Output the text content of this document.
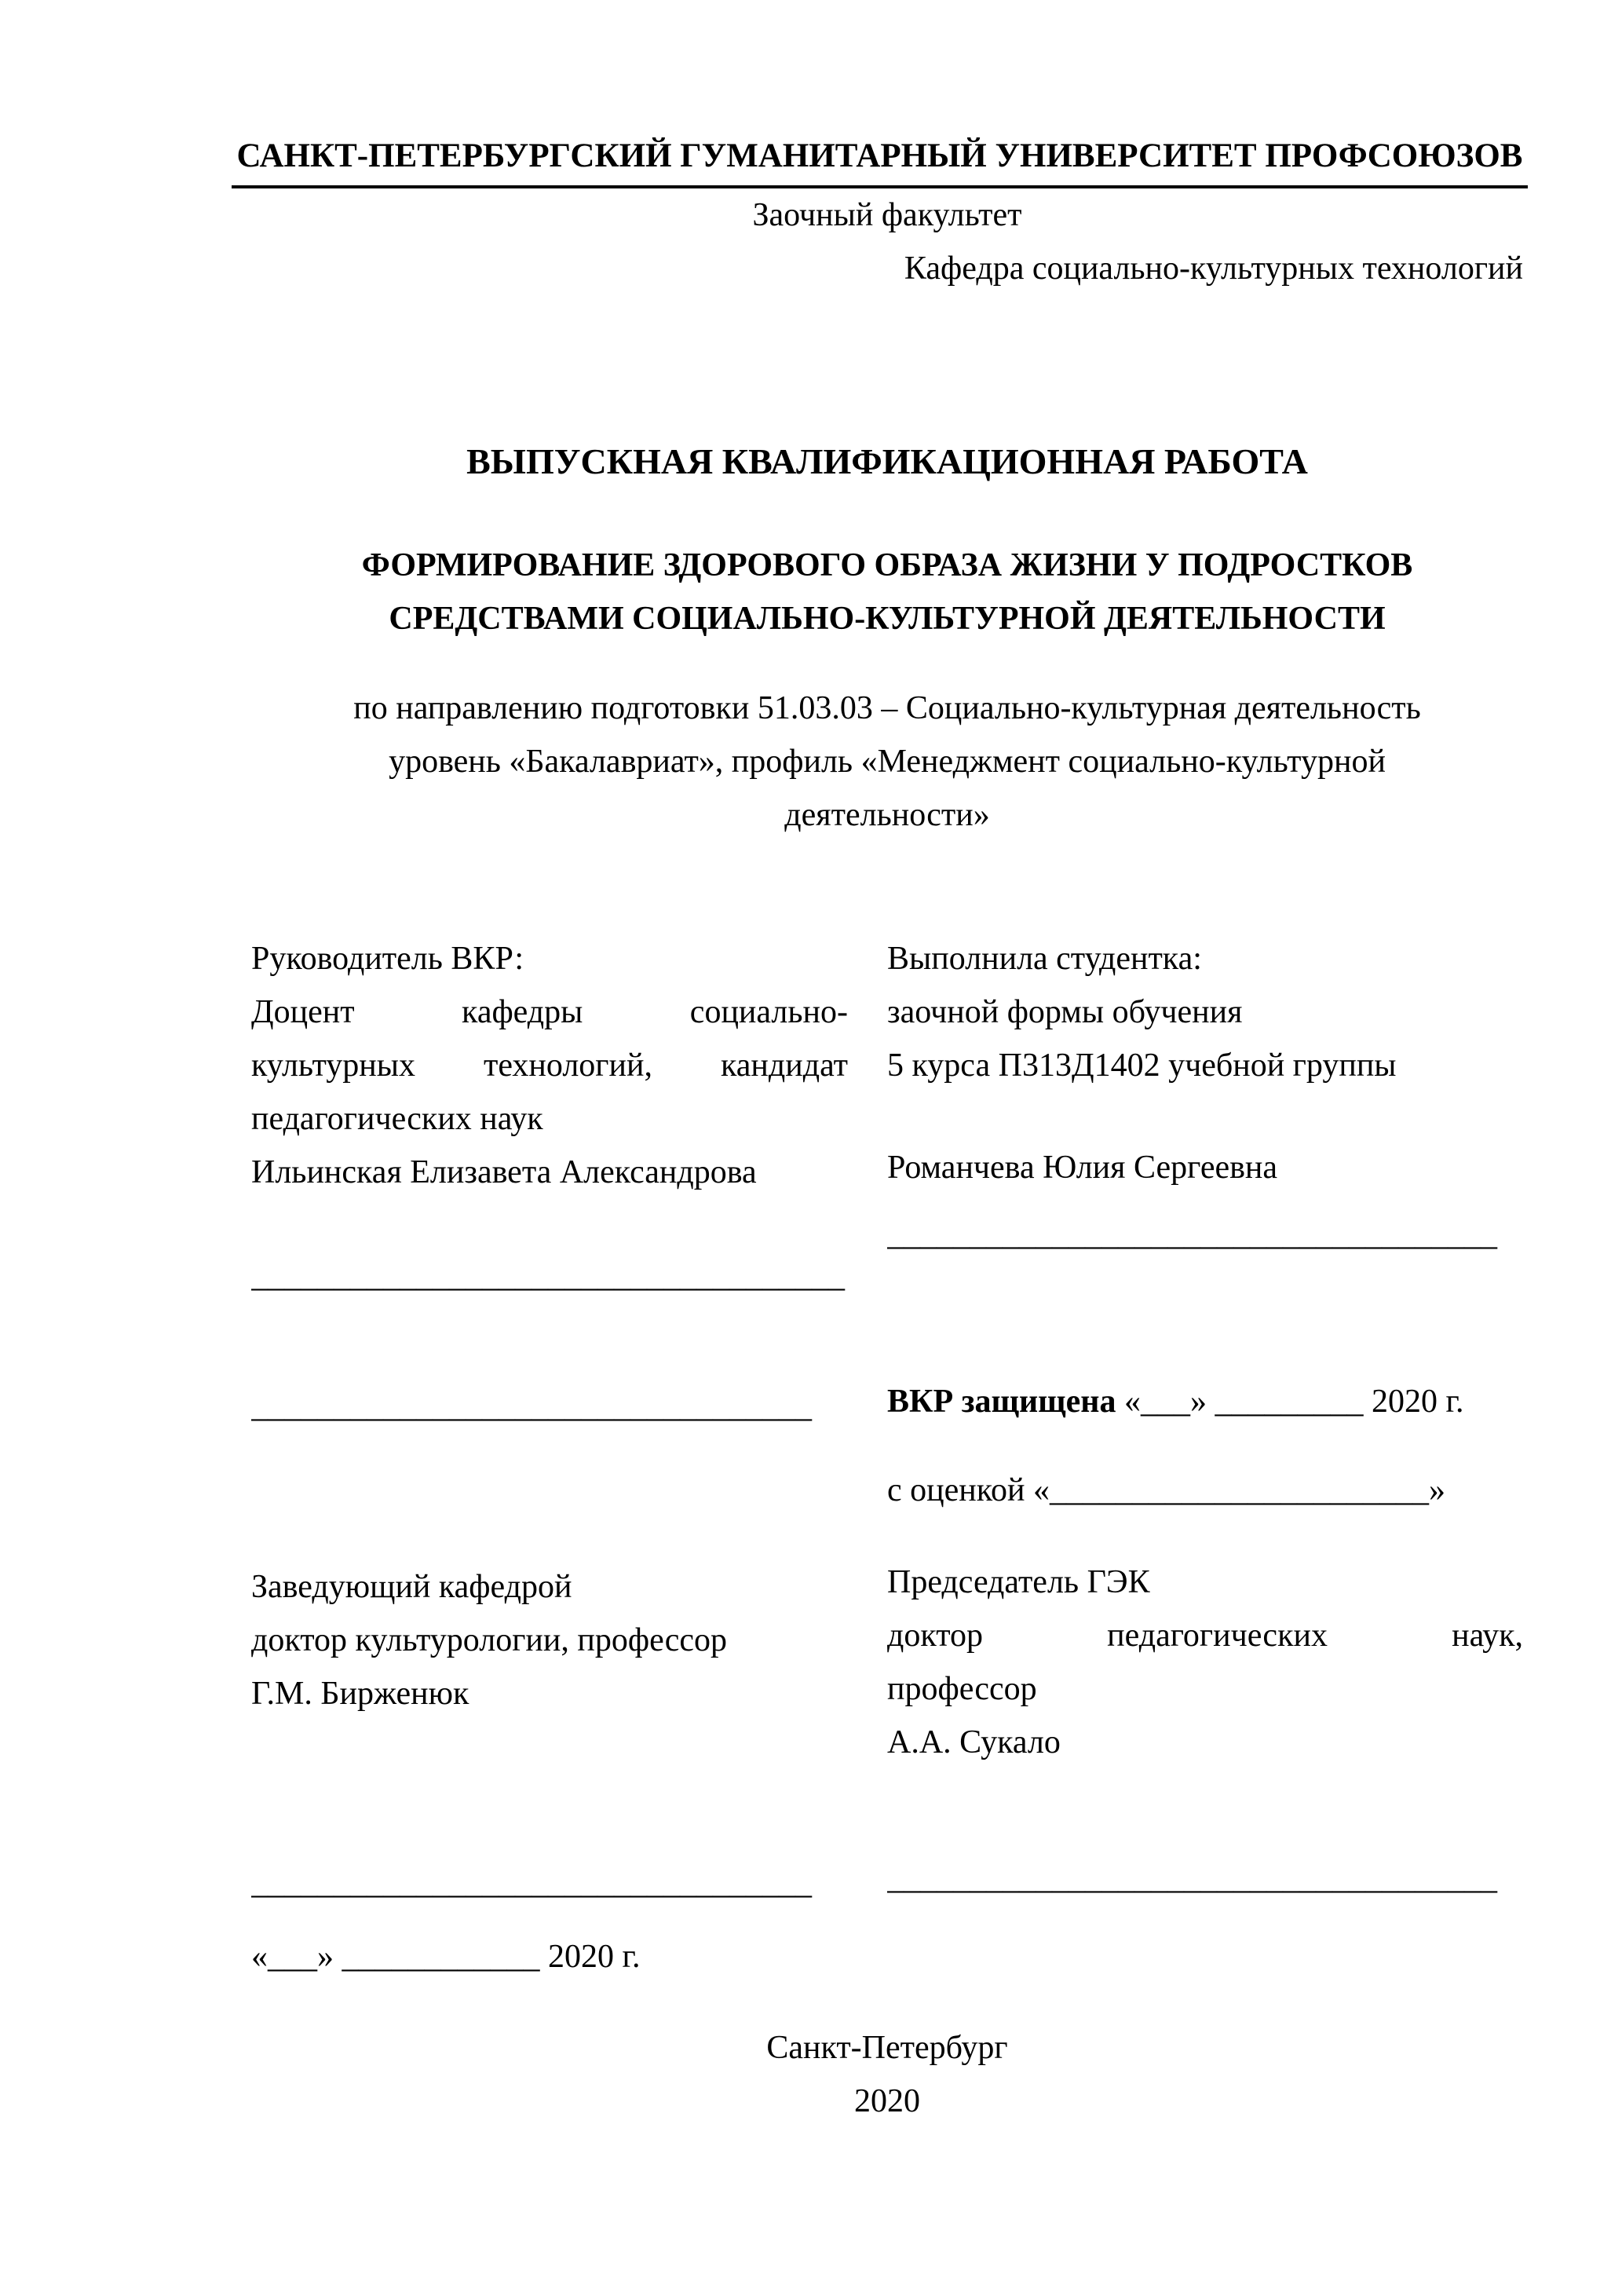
САНКТ-ПЕТЕРБУРГСКИЙ ГУМАНИТАРНЫЙ УНИВЕРСИТЕТ ПРОФСОЮЗОВ
Заочный факультет
Кафедра социально-культурных технологий
ВЫПУСКНАЯ КВАЛИФИКАЦИОННАЯ РАБОТА
ФОРМИРОВАНИЕ ЗДОРОВОГО ОБРАЗА ЖИЗНИ У ПОДРОСТКОВ
СРЕДСТВАМИ СОЦИАЛЬНО-КУЛЬТУРНОЙ ДЕЯТЕЛЬНОСТИ
по направлению подготовки 51.03.03 – Социально-культурная деятельность
уровень «Бакалавриат», профиль «Менеджмент социально-культурной
деятельности»
Руководитель ВКР:
Доцент кафедры социально-
культурных технологий, кандидат
педагогических наук
Ильинская Елизавета Александрова
____________________________________
__________________________________
Заведующий кафедрой
доктор культурологии, профессор
Г.М. Бирженюк
__________________________________
«___» ____________ 2020 г.
Выполнила студентка:
заочной формы обучения
5 курса П313Д1402 учебной группы
Романчева Юлия Сергеевна
_____________________________________
ВКР защищена «___» _________ 2020 г.
с оценкой «_______________________»
Председатель ГЭК
доктор педагогических наук,
профессор
А.А. Сукало
_____________________________________
Санкт-Петербург
2020
